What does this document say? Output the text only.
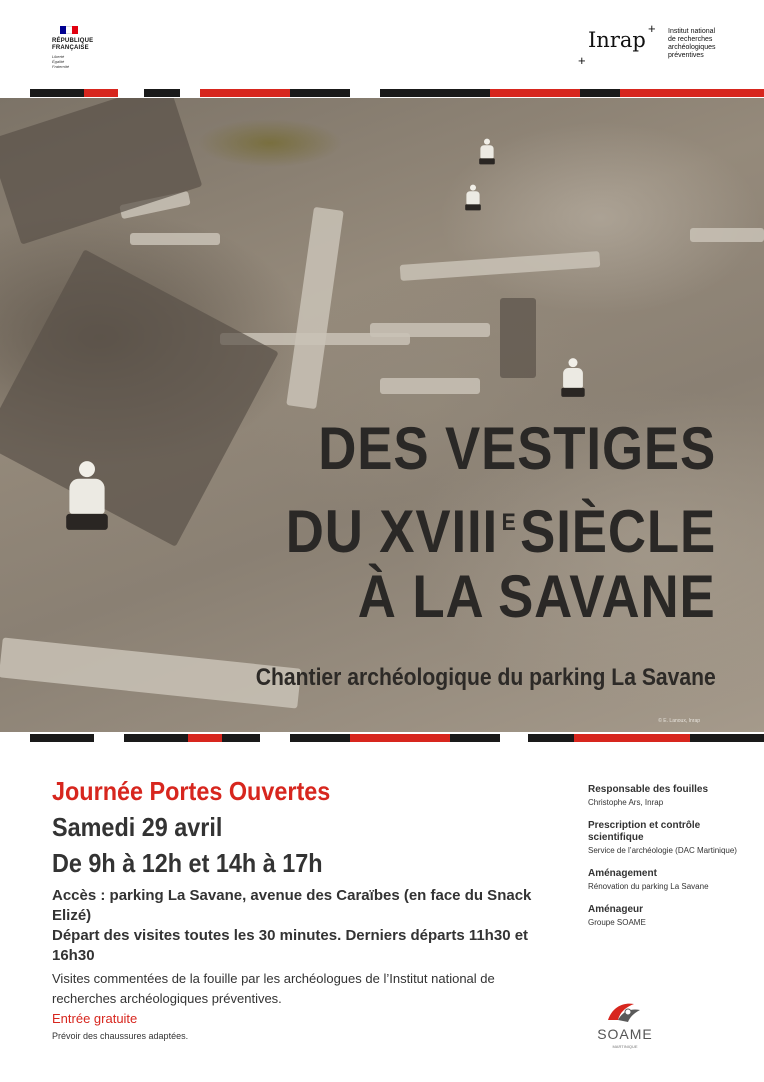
RÉPUBLIQUE
FRANÇAISE
Liberté
Égalité
Fraternité
+
Inrap
+
Institut national
de recherches
archéologiques
préventives
DES VESTIGES
DU XVIII $^E$SIÈCLE
À LA SAVANE
Chantier archéologique du parking La Savane
© E. Lanoux, Inrap
Journée Portes Ouvertes
Samedi 29 avril
De 9h à 12h et 14h à 17h
Accès : parking La Savane, avenue des Caraïbes (en face du Snack Elizé)
Départ des visites toutes les 30 minutes. Derniers départs 11h30 et 16h30
Visites commentées de la fouille par les archéologues de l’Institut national de recherches archéologiques préventives.
Entrée gratuite
Prévoir des chaussures adaptées.
Responsable des fouilles
Christophe Ars, Inrap
Prescription et contrôle scientifique
Service de l’archéologie (DAC Martinique)
Aménagement
Rénovation du parking La Savane
Aménageur
Groupe SOAME
SOAME
MARTINIQUE
